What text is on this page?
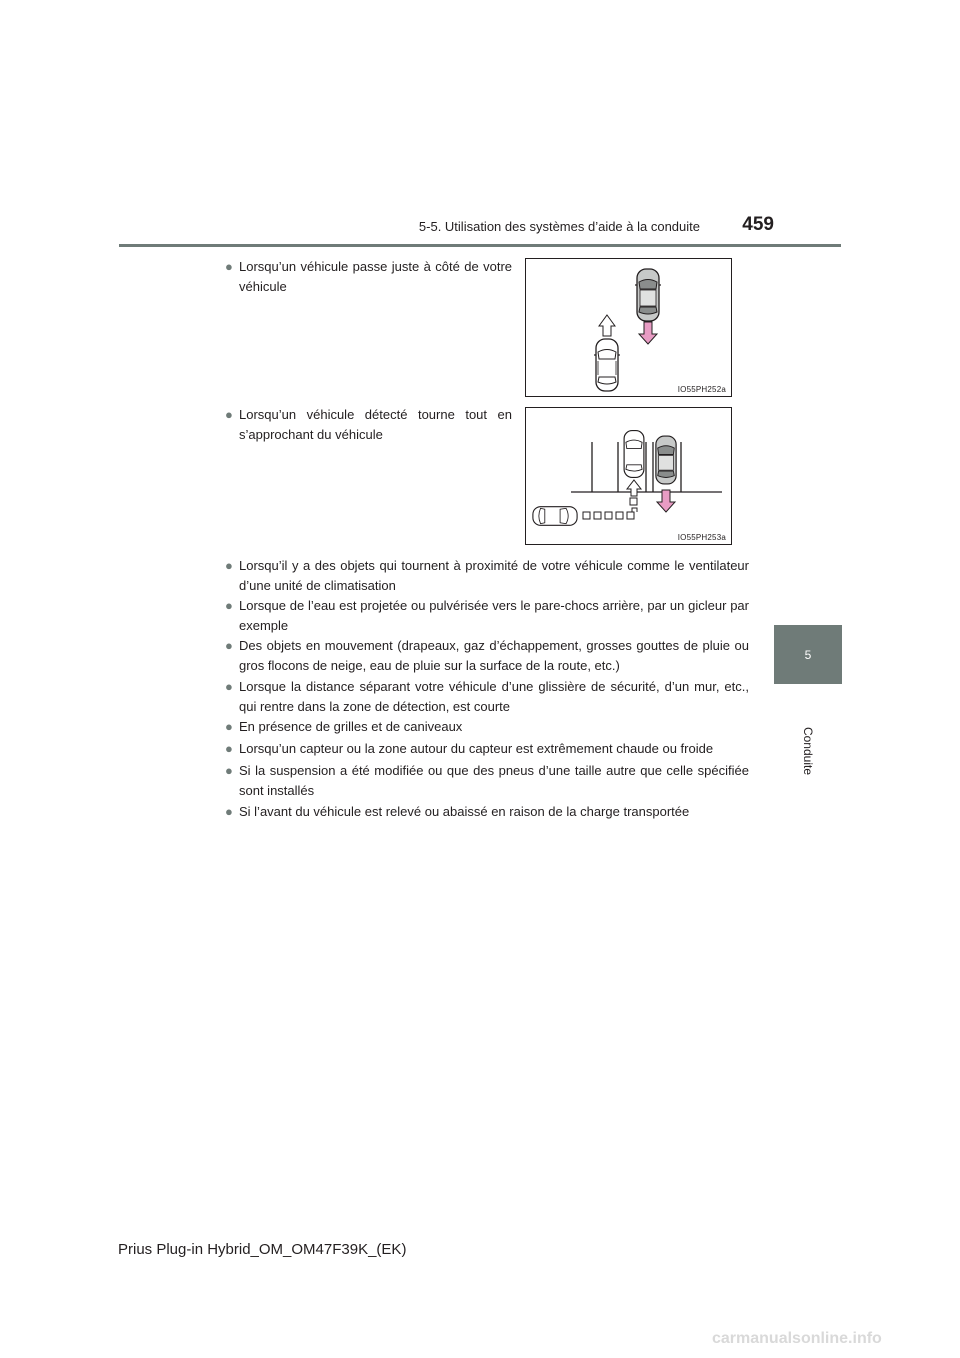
5-5. Utilisation des systèmes d’aide à la conduite	459
5
Conduite
● Lorsqu’un véhicule passe juste à côté de votre véhicule
IO55PH252a
● Lorsqu’un véhicule détecté tourne tout en s’approchant du véhicule
IO55PH253a
● Lorsqu’il y a des objets qui tournent à proximité de votre véhicule comme le ventilateur d’une unité de climatisation
● Lorsque de l’eau est projetée ou pulvérisée vers le pare-chocs arrière, par un gicleur par exemple
● Des objets en mouvement (drapeaux, gaz d’échappement, grosses gouttes de pluie ou gros flocons de neige, eau de pluie sur la surface de la route, etc.)
● Lorsque la distance séparant votre véhicule d’une glissière de sécurité, d’un mur, etc., qui rentre dans la zone de détection, est courte
● En présence de grilles et de caniveaux
● Lorsqu’un capteur ou la zone autour du capteur est extrêmement chaude ou froide
● Si la suspension a été modifiée ou que des pneus d’une taille autre que celle spécifiée sont installés
● Si l’avant du véhicule est relevé ou abaissé en raison de la charge transportée
Prius Plug-in Hybrid_OM_OM47F39K_(EK)
carmanualsonline.info
